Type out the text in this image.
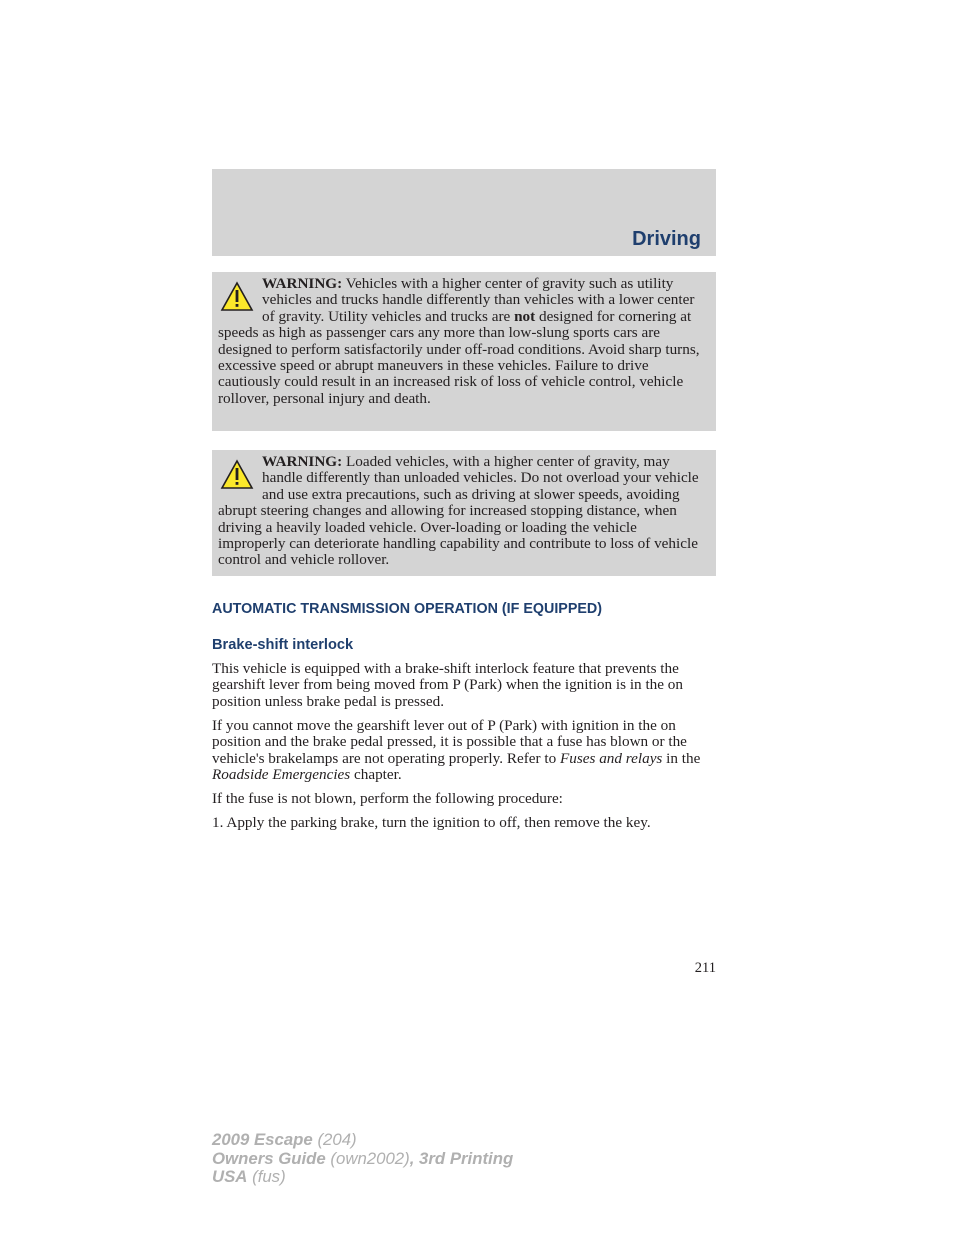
Driving
WARNING: Vehicles with a higher center of gravity such as utility vehicles and trucks handle differently than vehicles with a lower center of gravity. Utility vehicles and trucks are not designed for cornering at speeds as high as passenger cars any more than low-slung sports cars are designed to perform satisfactorily under off-road conditions. Avoid sharp turns, excessive speed or abrupt maneuvers in these vehicles. Failure to drive cautiously could result in an increased risk of loss of vehicle control, vehicle rollover, personal injury and death.
WARNING: Loaded vehicles, with a higher center of gravity, may handle differently than unloaded vehicles. Do not overload your vehicle and use extra precautions, such as driving at slower speeds, avoiding abrupt steering changes and allowing for increased stopping distance, when driving a heavily loaded vehicle. Over-loading or loading the vehicle improperly can deteriorate handling capability and contribute to loss of vehicle control and vehicle rollover.
AUTOMATIC TRANSMISSION OPERATION (IF EQUIPPED)
Brake-shift interlock

This vehicle is equipped with a brake-shift interlock feature that prevents the gearshift lever from being moved from P (Park) when the ignition is in the on position unless brake pedal is pressed.

If you cannot move the gearshift lever out of P (Park) with ignition in the on position and the brake pedal pressed, it is possible that a fuse has blown or the vehicle's brakelamps are not operating properly. Refer to Fuses and relays in the Roadside Emergencies chapter.

If the fuse is not blown, perform the following procedure:

1. Apply the parking brake, turn the ignition to off, then remove the key.

211
2009 Escape (204)
Owners Guide (own2002), 3rd Printing
USA (fus)
